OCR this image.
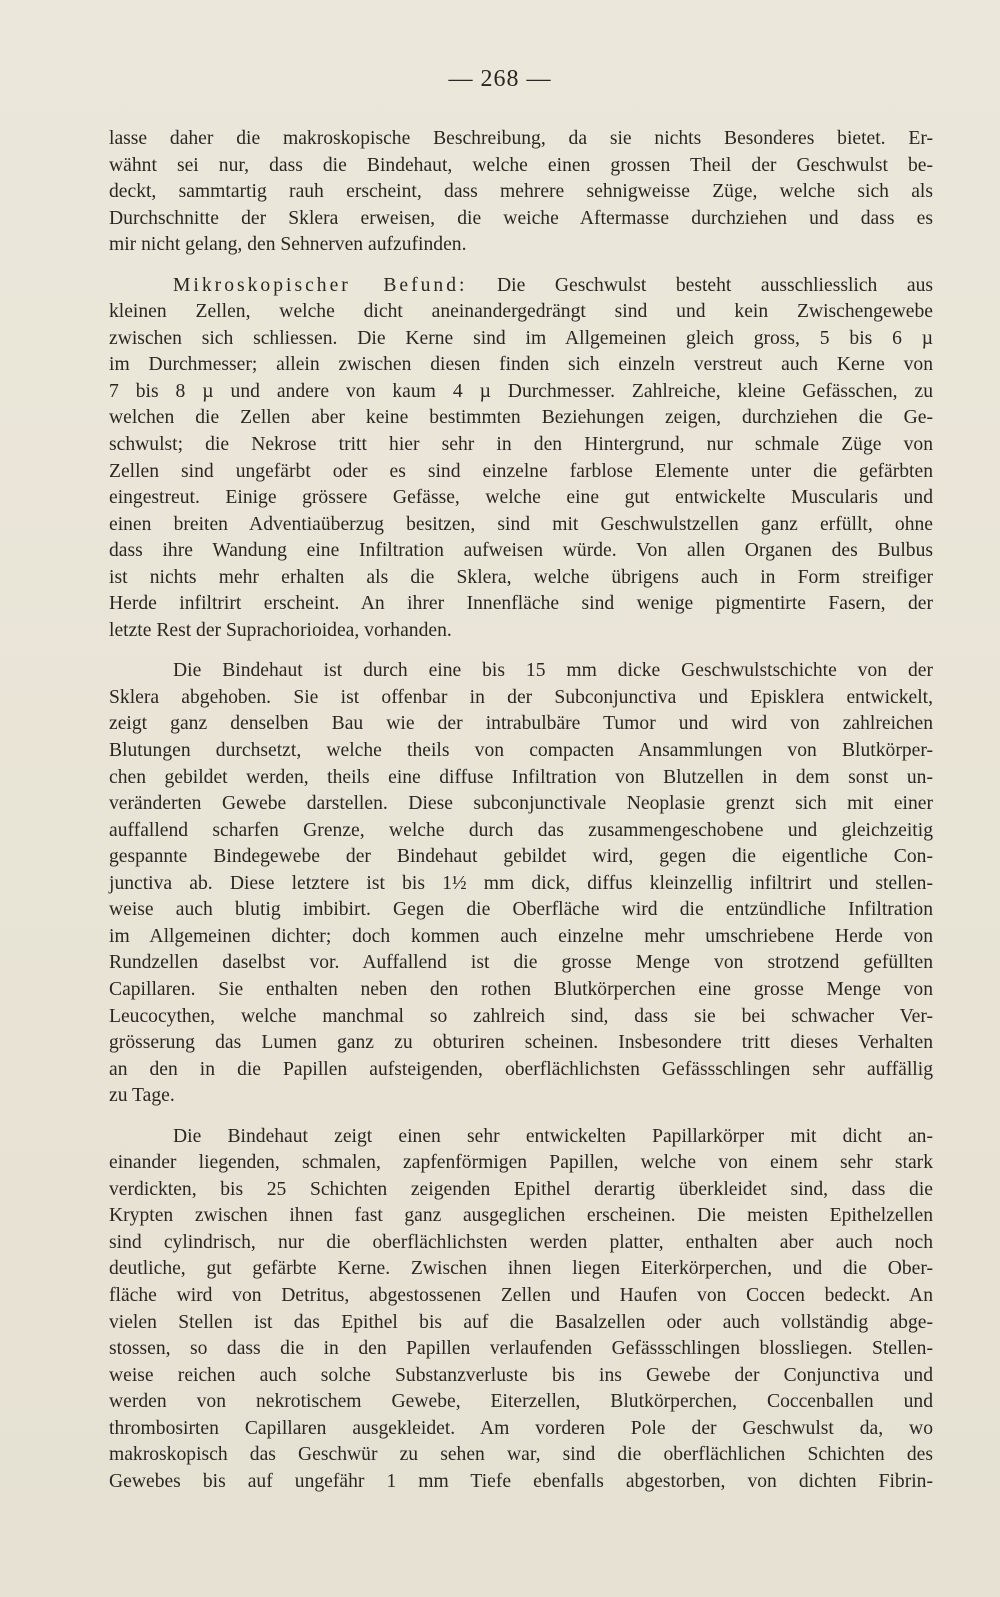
— 268 —
lasse daher die makroskopische Beschreibung, da sie nichts Besonderes bietet. Er-
wähnt sei nur, dass die Bindehaut, welche einen grossen Theil der Geschwulst be-
deckt, sammtartig rauh erscheint, dass mehrere sehnigweisse Züge, welche sich als
Durchschnitte der Sklera erweisen, die weiche Aftermasse durchziehen und dass es
mir nicht gelang, den Sehnerven aufzufinden.
Mikroskopischer Befund: Die Geschwulst besteht ausschliesslich aus
kleinen Zellen, welche dicht aneinandergedrängt sind und kein Zwischengewebe
zwischen sich schliessen. Die Kerne sind im Allgemeinen gleich gross, 5 bis 6 µ
im Durchmesser; allein zwischen diesen finden sich einzeln verstreut auch Kerne von
7 bis 8 µ und andere von kaum 4 µ Durchmesser. Zahlreiche, kleine Gefässchen, zu
welchen die Zellen aber keine bestimmten Beziehungen zeigen, durchziehen die Ge-
schwulst; die Nekrose tritt hier sehr in den Hintergrund, nur schmale Züge von
Zellen sind ungefärbt oder es sind einzelne farblose Elemente unter die gefärbten
eingestreut. Einige grössere Gefässe, welche eine gut entwickelte Muscularis und
einen breiten Adventiaüberzug besitzen, sind mit Geschwulstzellen ganz erfüllt, ohne
dass ihre Wandung eine Infiltration aufweisen würde. Von allen Organen des Bulbus
ist nichts mehr erhalten als die Sklera, welche übrigens auch in Form streifiger
Herde infiltrirt erscheint. An ihrer Innenfläche sind wenige pigmentirte Fasern, der
letzte Rest der Suprachorioidea, vorhanden.
Die Bindehaut ist durch eine bis 15 mm dicke Geschwulstschichte von der
Sklera abgehoben. Sie ist offenbar in der Subconjunctiva und Episklera entwickelt,
zeigt ganz denselben Bau wie der intrabulbäre Tumor und wird von zahlreichen
Blutungen durchsetzt, welche theils von compacten Ansammlungen von Blutkörper-
chen gebildet werden, theils eine diffuse Infiltration von Blutzellen in dem sonst un-
veränderten Gewebe darstellen. Diese subconjunctivale Neoplasie grenzt sich mit einer
auffallend scharfen Grenze, welche durch das zusammengeschobene und gleichzeitig
gespannte Bindegewebe der Bindehaut gebildet wird, gegen die eigentliche Con-
junctiva ab. Diese letztere ist bis 1½ mm dick, diffus kleinzellig infiltrirt und stellen-
weise auch blutig imbibirt. Gegen die Oberfläche wird die entzündliche Infiltration
im Allgemeinen dichter; doch kommen auch einzelne mehr umschriebene Herde von
Rundzellen daselbst vor. Auffallend ist die grosse Menge von strotzend gefüllten
Capillaren. Sie enthalten neben den rothen Blutkörperchen eine grosse Menge von
Leucocythen, welche manchmal so zahlreich sind, dass sie bei schwacher Ver-
grösserung das Lumen ganz zu obturiren scheinen. Insbesondere tritt dieses Verhalten
an den in die Papillen aufsteigenden, oberflächlichsten Gefässschlingen sehr auffällig
zu Tage.
Die Bindehaut zeigt einen sehr entwickelten Papillarkörper mit dicht an-
einander liegenden, schmalen, zapfenförmigen Papillen, welche von einem sehr stark
verdickten, bis 25 Schichten zeigenden Epithel derartig überkleidet sind, dass die
Krypten zwischen ihnen fast ganz ausgeglichen erscheinen. Die meisten Epithelzellen
sind cylindrisch, nur die oberflächlichsten werden platter, enthalten aber auch noch
deutliche, gut gefärbte Kerne. Zwischen ihnen liegen Eiterkörperchen, und die Ober-
fläche wird von Detritus, abgestossenen Zellen und Haufen von Coccen bedeckt. An
vielen Stellen ist das Epithel bis auf die Basalzellen oder auch vollständig abge-
stossen, so dass die in den Papillen verlaufenden Gefässschlingen blossliegen. Stellen-
weise reichen auch solche Substanzverluste bis ins Gewebe der Conjunctiva und
werden von nekrotischem Gewebe, Eiterzellen, Blutkörperchen, Coccenballen und
thrombosirten Capillaren ausgekleidet. Am vorderen Pole der Geschwulst da, wo
makroskopisch das Geschwür zu sehen war, sind die oberflächlichen Schichten des
Gewebes bis auf ungefähr 1 mm Tiefe ebenfalls abgestorben, von dichten Fibrin-
